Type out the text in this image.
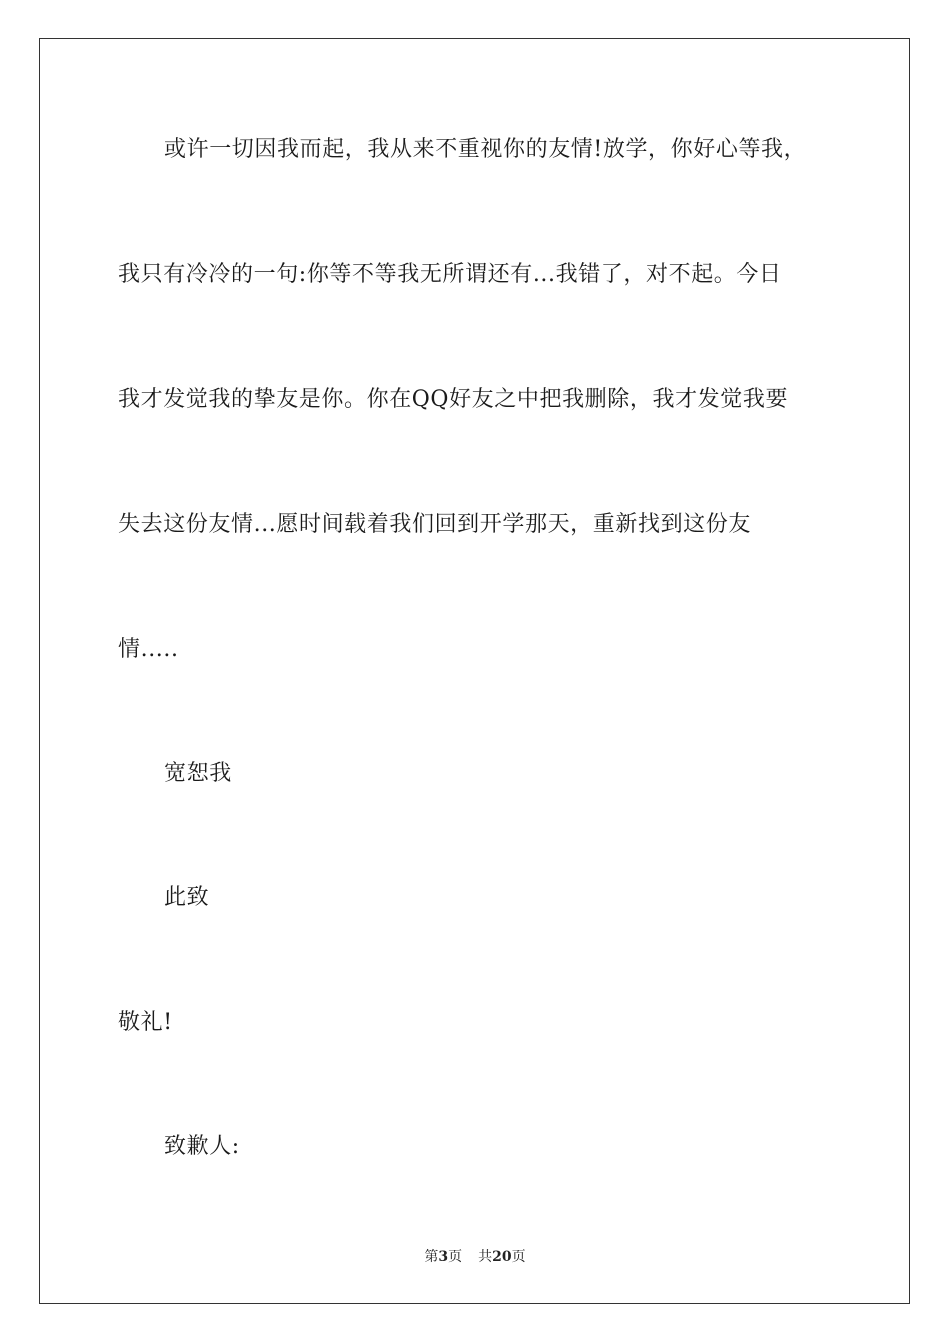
或许一切因我而起，我从来不重视你的友情!放学，你好心等我，
我只有冷冷的一句:你等不等我无所谓还有...我错了，对不起。今日
我才发觉我的挚友是你。你在QQ好友之中把我删除，我才发觉我要
失去这份友情...愿时间载着我们回到开学那天，重新找到这份友
情.....
宽恕我
此致
敬礼!
致歉人:
第3页 共20页
